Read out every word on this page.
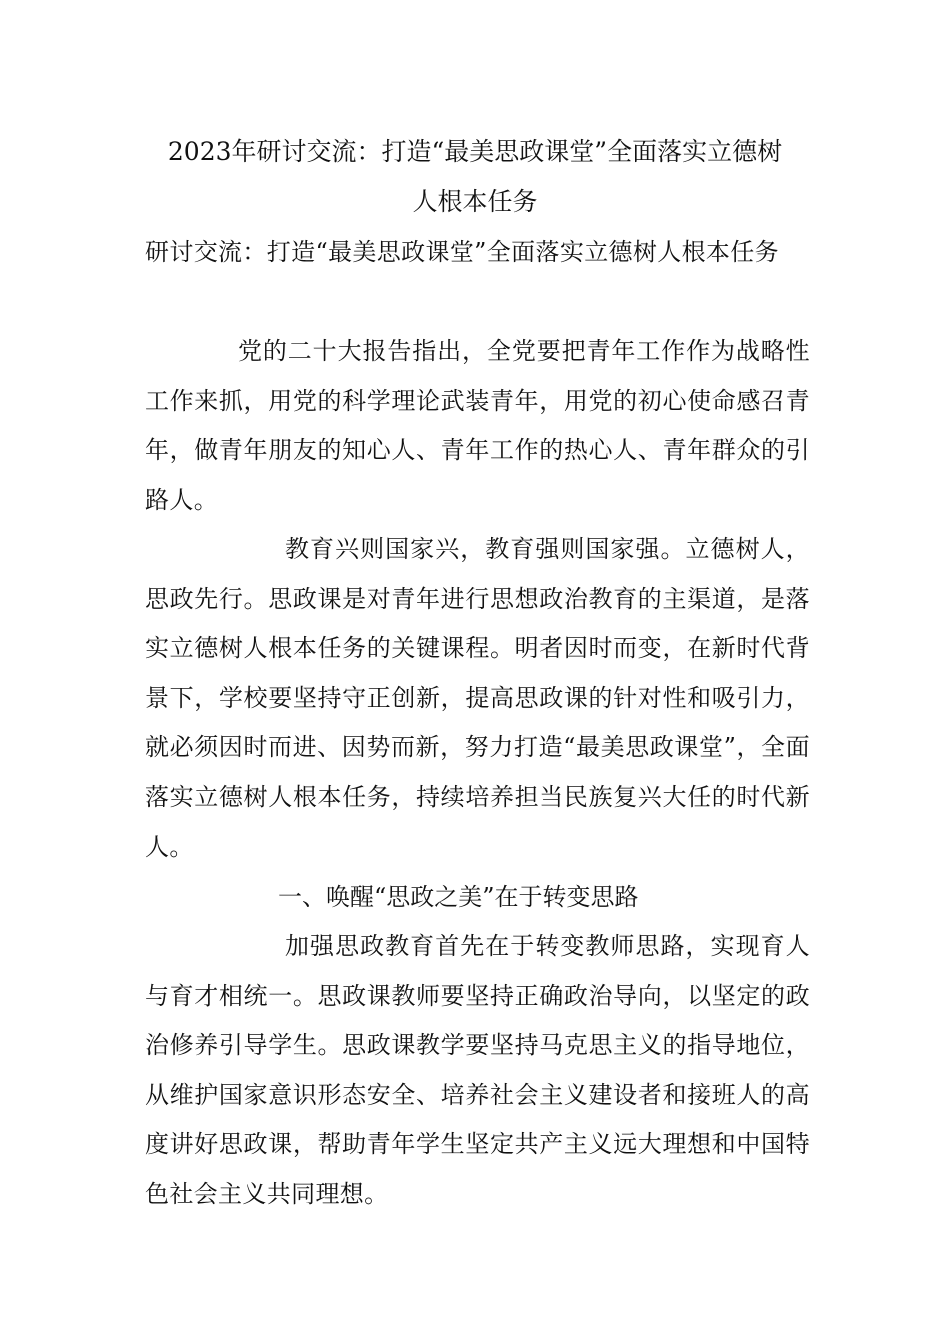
2023年研讨交流：打造“最美思政课堂”全面落实立德树
人根本任务

研讨交流：打造“最美思政课堂”全面落实立德树人根本任务

党的二十大报告指出，全党要把青年工作作为战略性工作来抓，用党的科学理论武装青年，用党的初心使命感召青年，做青年朋友的知心人、青年工作的热心人、青年群众的引路人。

教育兴则国家兴，教育强则国家强。立德树人，思政先行。思政课是对青年进行思想政治教育的主渠道，是落实立德树人根本任务的关键课程。明者因时而变，在新时代背景下，学校要坚持守正创新，提高思政课的针对性和吸引力，就必须因时而进、因势而新，努力打造“最美思政课堂”，全面落实立德树人根本任务，持续培养担当民族复兴大任的时代新人。

一、唤醒“思政之美”在于转变思路

加强思政教育首先在于转变教师思路，实现育人与育才相统一。思政课教师要坚持正确政治导向，以坚定的政治修养引导学生。思政课教学要坚持马克思主义的指导地位，从维护国家意识形态安全、培养社会主义建设者和接班人的高度讲好思政课，帮助青年学生坚定共产主义远大理想和中国特色社会主义共同理想。
